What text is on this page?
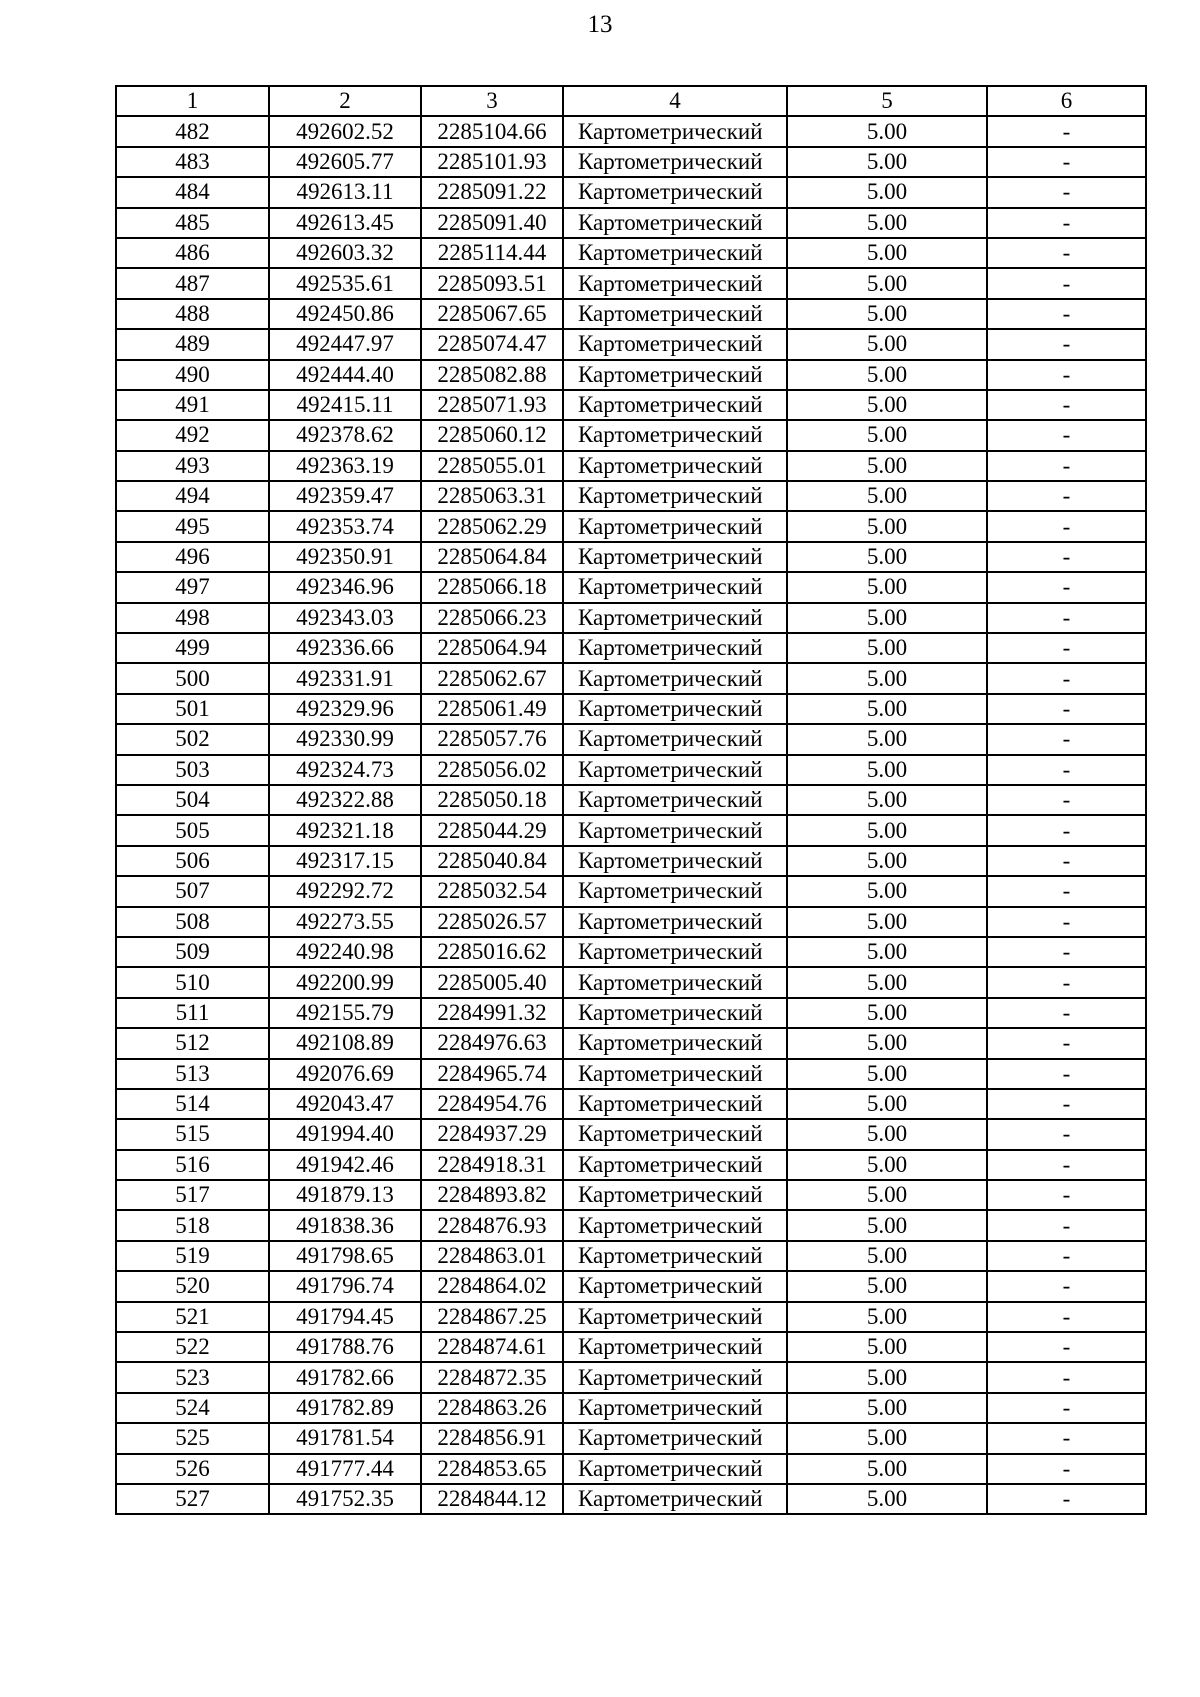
13
1	2	3	4	5	6
482	492602.52	2285104.66	Картометрический	5.00	-
483	492605.77	2285101.93	Картометрический	5.00	-
484	492613.11	2285091.22	Картометрический	5.00	-
485	492613.45	2285091.40	Картометрический	5.00	-
486	492603.32	2285114.44	Картометрический	5.00	-
487	492535.61	2285093.51	Картометрический	5.00	-
488	492450.86	2285067.65	Картометрический	5.00	-
489	492447.97	2285074.47	Картометрический	5.00	-
490	492444.40	2285082.88	Картометрический	5.00	-
491	492415.11	2285071.93	Картометрический	5.00	-
492	492378.62	2285060.12	Картометрический	5.00	-
493	492363.19	2285055.01	Картометрический	5.00	-
494	492359.47	2285063.31	Картометрический	5.00	-
495	492353.74	2285062.29	Картометрический	5.00	-
496	492350.91	2285064.84	Картометрический	5.00	-
497	492346.96	2285066.18	Картометрический	5.00	-
498	492343.03	2285066.23	Картометрический	5.00	-
499	492336.66	2285064.94	Картометрический	5.00	-
500	492331.91	2285062.67	Картометрический	5.00	-
501	492329.96	2285061.49	Картометрический	5.00	-
502	492330.99	2285057.76	Картометрический	5.00	-
503	492324.73	2285056.02	Картометрический	5.00	-
504	492322.88	2285050.18	Картометрический	5.00	-
505	492321.18	2285044.29	Картометрический	5.00	-
506	492317.15	2285040.84	Картометрический	5.00	-
507	492292.72	2285032.54	Картометрический	5.00	-
508	492273.55	2285026.57	Картометрический	5.00	-
509	492240.98	2285016.62	Картометрический	5.00	-
510	492200.99	2285005.40	Картометрический	5.00	-
511	492155.79	2284991.32	Картометрический	5.00	-
512	492108.89	2284976.63	Картометрический	5.00	-
513	492076.69	2284965.74	Картометрический	5.00	-
514	492043.47	2284954.76	Картометрический	5.00	-
515	491994.40	2284937.29	Картометрический	5.00	-
516	491942.46	2284918.31	Картометрический	5.00	-
517	491879.13	2284893.82	Картометрический	5.00	-
518	491838.36	2284876.93	Картометрический	5.00	-
519	491798.65	2284863.01	Картометрический	5.00	-
520	491796.74	2284864.02	Картометрический	5.00	-
521	491794.45	2284867.25	Картометрический	5.00	-
522	491788.76	2284874.61	Картометрический	5.00	-
523	491782.66	2284872.35	Картометрический	5.00	-
524	491782.89	2284863.26	Картометрический	5.00	-
525	491781.54	2284856.91	Картометрический	5.00	-
526	491777.44	2284853.65	Картометрический	5.00	-
527	491752.35	2284844.12	Картометрический	5.00	-
